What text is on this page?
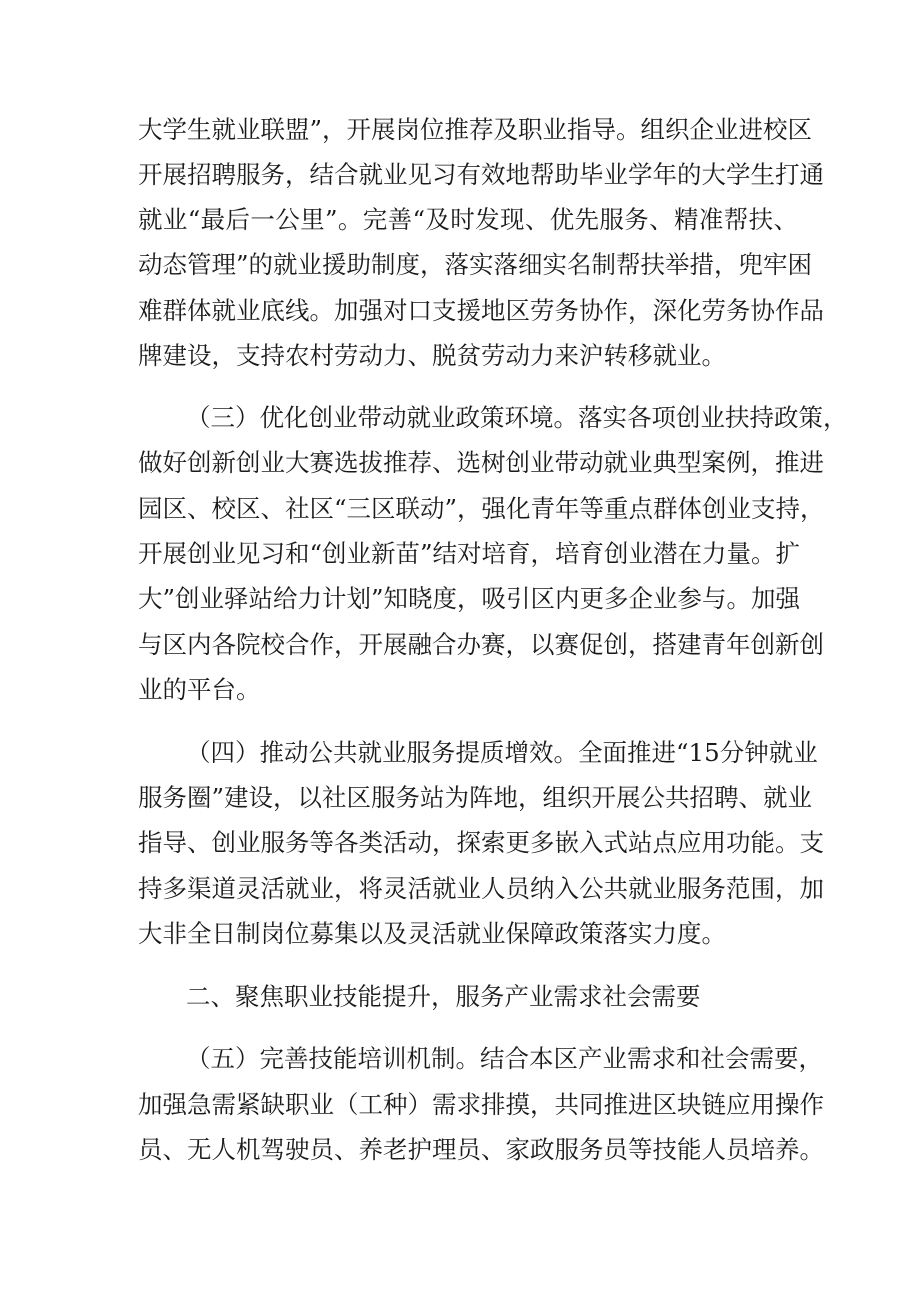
大学生就业联盟”，开展岗位推荐及职业指导。组织企业进校区
开展招聘服务，结合就业见习有效地帮助毕业学年的大学生打通
就业“最后一公里”。完善“及时发现、优先服务、精准帮扶、
动态管理”的就业援助制度，落实落细实名制帮扶举措，兜牢困
难群体就业底线。加强对口支援地区劳务协作，深化劳务协作品
牌建设，支持农村劳动力、脱贫劳动力来沪转移就业。
（三）优化创业带动就业政策环境。落实各项创业扶持政策，
做好创新创业大赛选拔推荐、选树创业带动就业典型案例，推进
园区、校区、社区“三区联动”，强化青年等重点群体创业支持，
开展创业见习和“创业新苗”结对培育，培育创业潜在力量。扩
大”创业驿站给力计划”知晓度，吸引区内更多企业参与。加强
与区内各院校合作，开展融合办赛，以赛促创，搭建青年创新创
业的平台。
（四）推动公共就业服务提质增效。全面推进“15分钟就业
服务圈”建设，以社区服务站为阵地，组织开展公共招聘、就业
指导、创业服务等各类活动，探索更多嵌入式站点应用功能。支
持多渠道灵活就业，将灵活就业人员纳入公共就业服务范围，加
大非全日制岗位募集以及灵活就业保障政策落实力度。
二、聚焦职业技能提升，服务产业需求社会需要
（五）完善技能培训机制。结合本区产业需求和社会需要，
加强急需紧缺职业（工种）需求排摸，共同推进区块链应用操作
员、无人机驾驶员、养老护理员、家政服务员等技能人员培养。
